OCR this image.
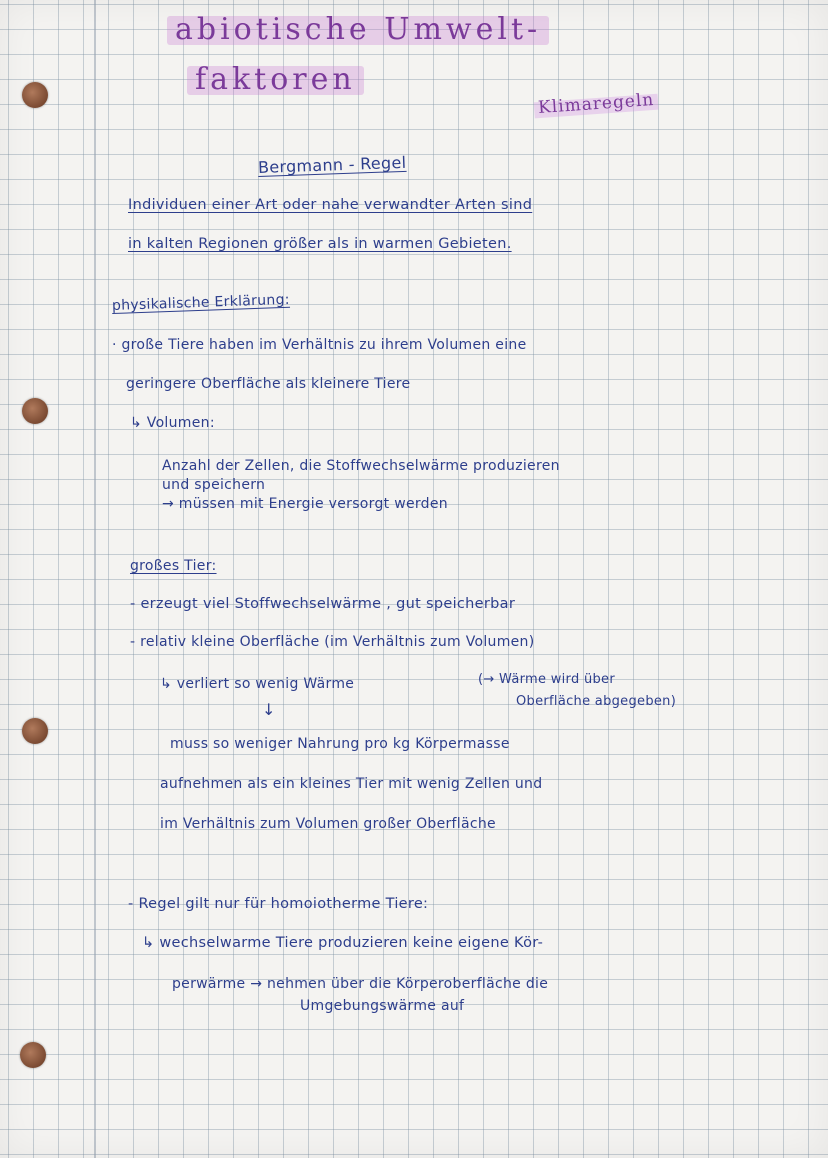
abiotische Umwelt-
faktoren
Klimaregeln
Bergmann - Regel
Individuen einer Art oder nahe verwandter Arten sind
in kalten Regionen größer als in warmen Gebieten.
physikalische Erklärung:
· große Tiere haben im Verhältnis zu ihrem Volumen eine
geringere Oberfläche als kleinere Tiere
↳ Volumen:
Anzahl der Zellen, die Stoffwechselwärme produzieren
und speichern
→ müssen mit Energie versorgt werden
großes Tier:
- erzeugt viel Stoffwechselwärme , gut speicherbar
- relativ kleine Oberfläche (im Verhältnis zum Volumen)
↳ verliert so wenig Wärme	(→ Wärme wird über
Oberfläche abgegeben)
↓
muss so weniger Nahrung pro kg Körpermasse
aufnehmen als ein kleines Tier mit wenig Zellen und
im Verhältnis zum Volumen großer Oberfläche
- Regel gilt nur für homoiotherme Tiere:
↳ wechselwarme Tiere produzieren keine eigene Kör-
perwärme → nehmen über die Körperoberfläche die
Umgebungswärme auf
